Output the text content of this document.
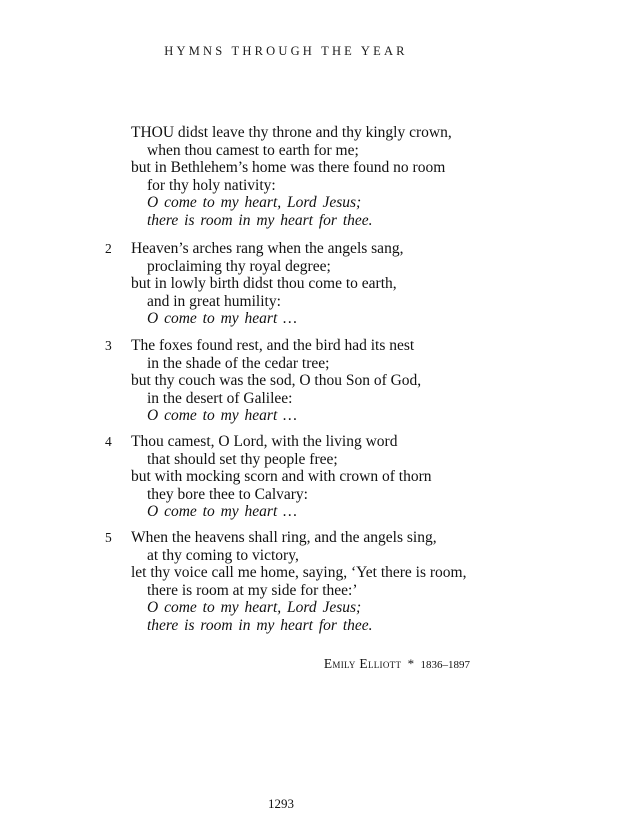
HYMNS THROUGH THE YEAR
THOU didst leave thy throne and thy kingly crown,
when thou camest to earth for me;
but in Bethlehem’s home was there found no room
for thy holy nativity:
O come to my heart, Lord Jesus;
there is room in my heart for thee.
2 Heaven’s arches rang when the angels sang,
proclaiming thy royal degree;
but in lowly birth didst thou come to earth,
and in great humility:
O come to my heart …
3 The foxes found rest, and the bird had its nest
in the shade of the cedar tree;
but thy couch was the sod, O thou Son of God,
in the desert of Galilee:
O come to my heart …
4 Thou camest, O Lord, with the living word
that should set thy people free;
but with mocking scorn and with crown of thorn
they bore thee to Calvary:
O come to my heart …
5 When the heavens shall ring, and the angels sing,
at thy coming to victory,
let thy voice call me home, saying, ‘Yet there is room,
there is room at my side for thee:’
O come to my heart, Lord Jesus;
there is room in my heart for thee.
Emily Elliott * 1836–1897
1293
